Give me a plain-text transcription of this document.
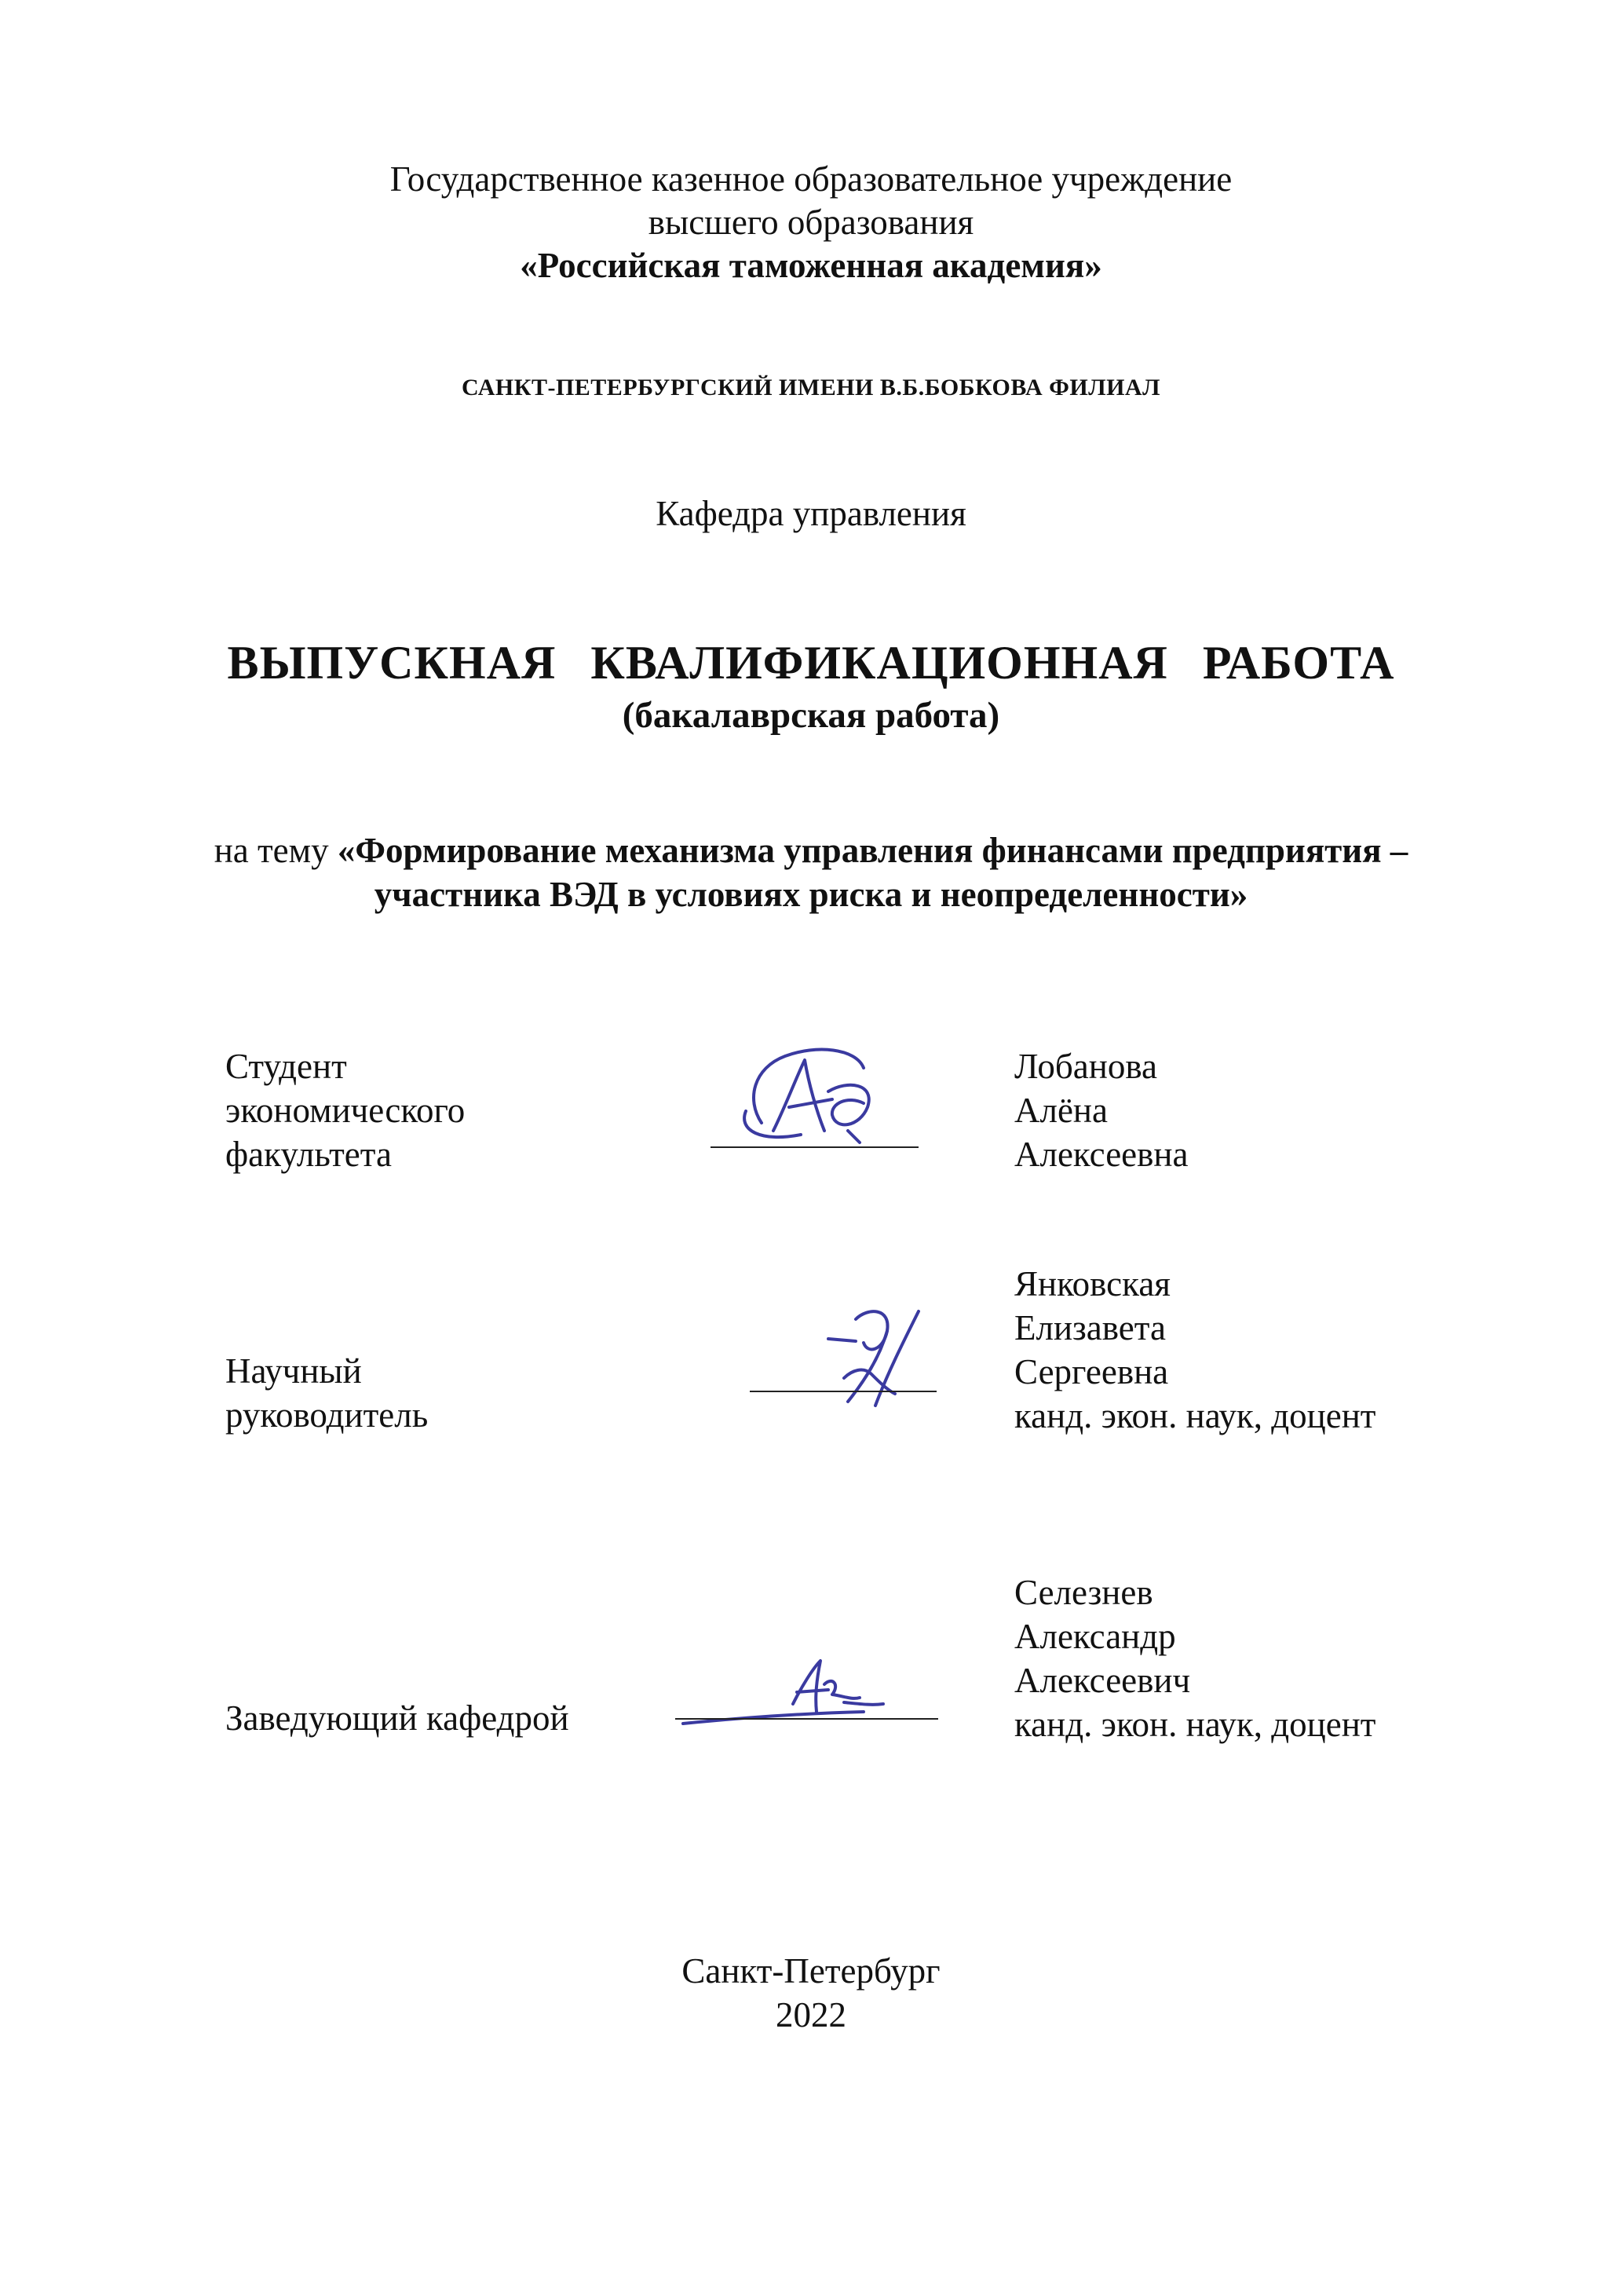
Государственное казенное образовательное учреждение
высшего образования
«Российская таможенная академия»
САНКТ-ПЕТЕРБУРГСКИЙ ИМЕНИ В.Б.БОБКОВА ФИЛИАЛ
Кафедра управления
ВЫПУСКНАЯ КВАЛИФИКАЦИОННАЯ РАБОТА
(бакалаврская работа)
на тему «Формирование механизма управления финансами предприятия –
участника ВЭД в условиях риска и неопределенности»
Студент
экономического
факультета
Лобанова
Алёна
Алексеевна
Научный
руководитель
Янковская
Елизавета
Сергеевна
канд. экон. наук, доцент
Заведующий кафедрой
Селезнев
Александр
Алексеевич
канд. экон. наук, доцент
Санкт-Петербург
2022
